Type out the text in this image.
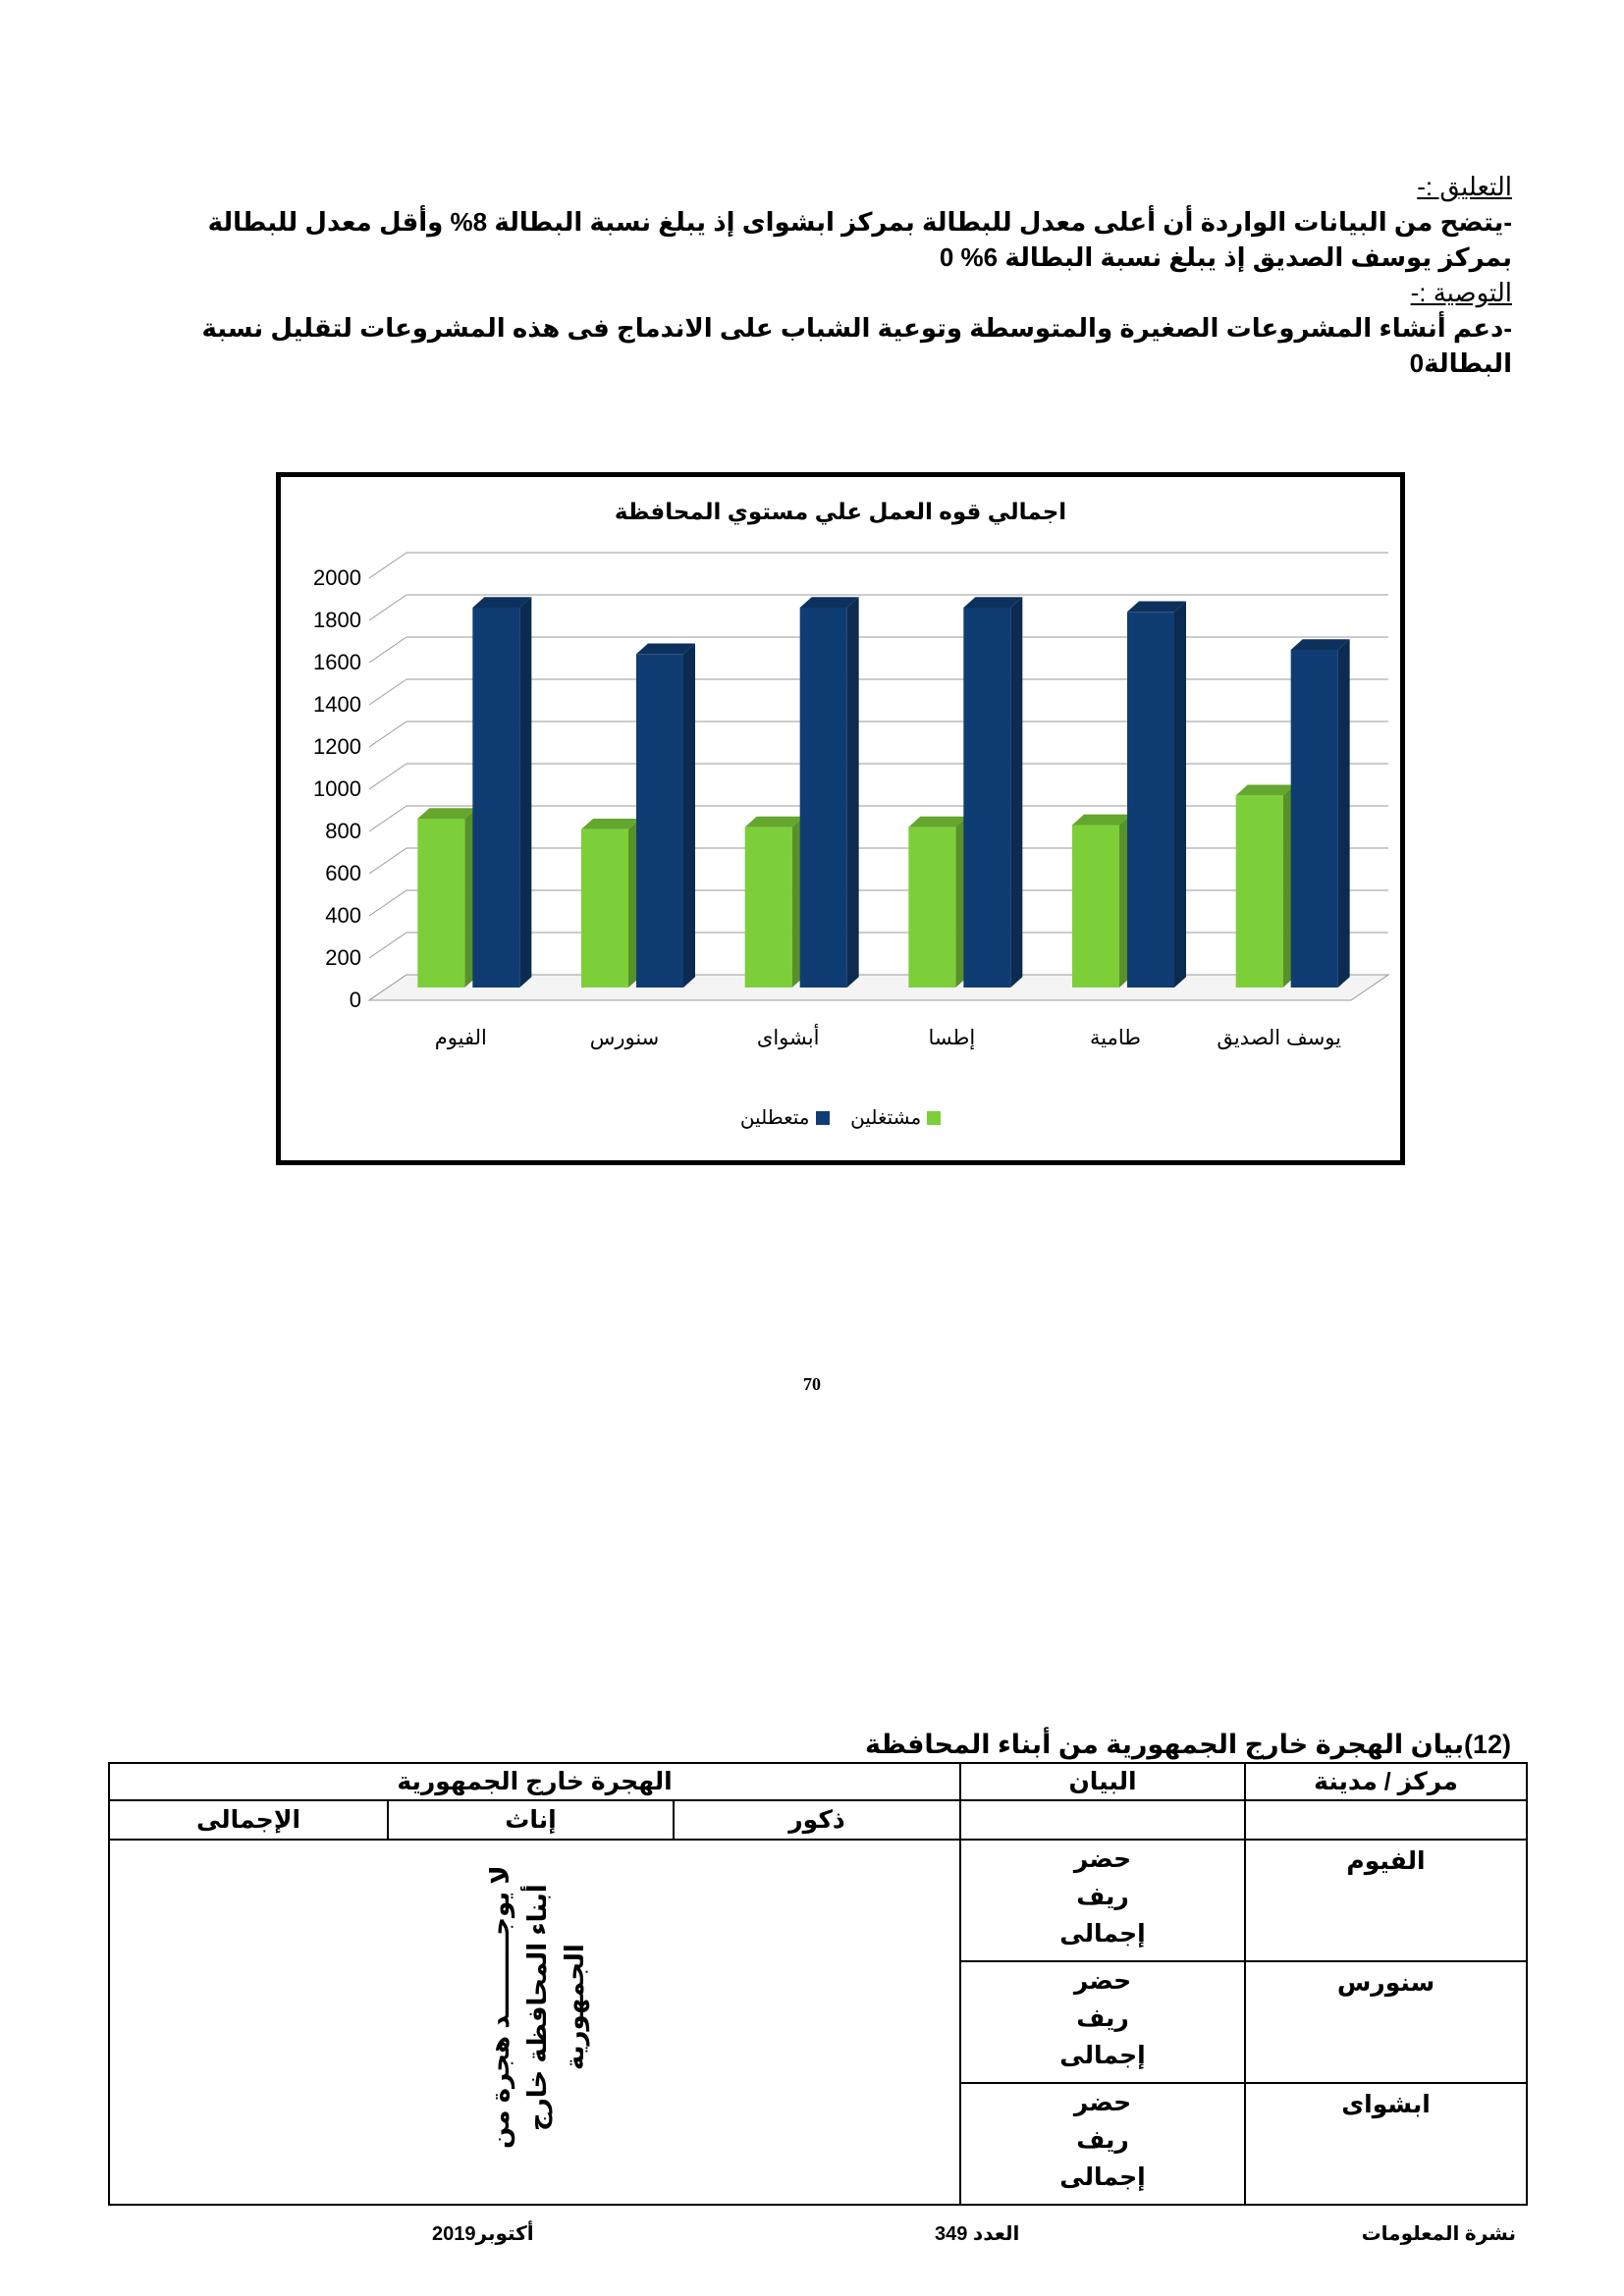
التعليق :-
-يتضح من البيانات الواردة أن أعلى معدل للبطالة بمركز ابشواى إذ يبلغ نسبة البطالة 8% وأقل معدل للبطالة بمركز يوسف الصديق إذ يبلغ نسبة البطالة 6% 0
التوصية :-
-دعم أنشاء المشروعات الصغيرة والمتوسطة وتوعية الشباب على الاندماج فى هذه المشروعات لتقليل نسبة البطالة0
اجمالي قوه العمل علي مستوي المحافظة
0
200
400
600
800
1000
1200
1400
1600
1800
2000
الفيوم	سنورس	أبشواى	إطسا	طامية	يوسف الصديق
مشتغلين

متعطلين
70
(12)بيان الهجرة خارج الجمهورية من أبناء المحافظة
مركز / مدينة	البيان	الهجرة خارج الجمهورية		
		ذكور	إناث	الإجمالى
الفيوم	حضر
ريف
إجمالى	لا يوجـــــــــد هجرة من أبناء المحافظة خارج الجمهورية		

سنورس	حضر
ريف
إجمالى			

ابشواى	حضر
ريف
إجمالى			
نشرة المعلومات
العدد 349
أكتوبر2019
